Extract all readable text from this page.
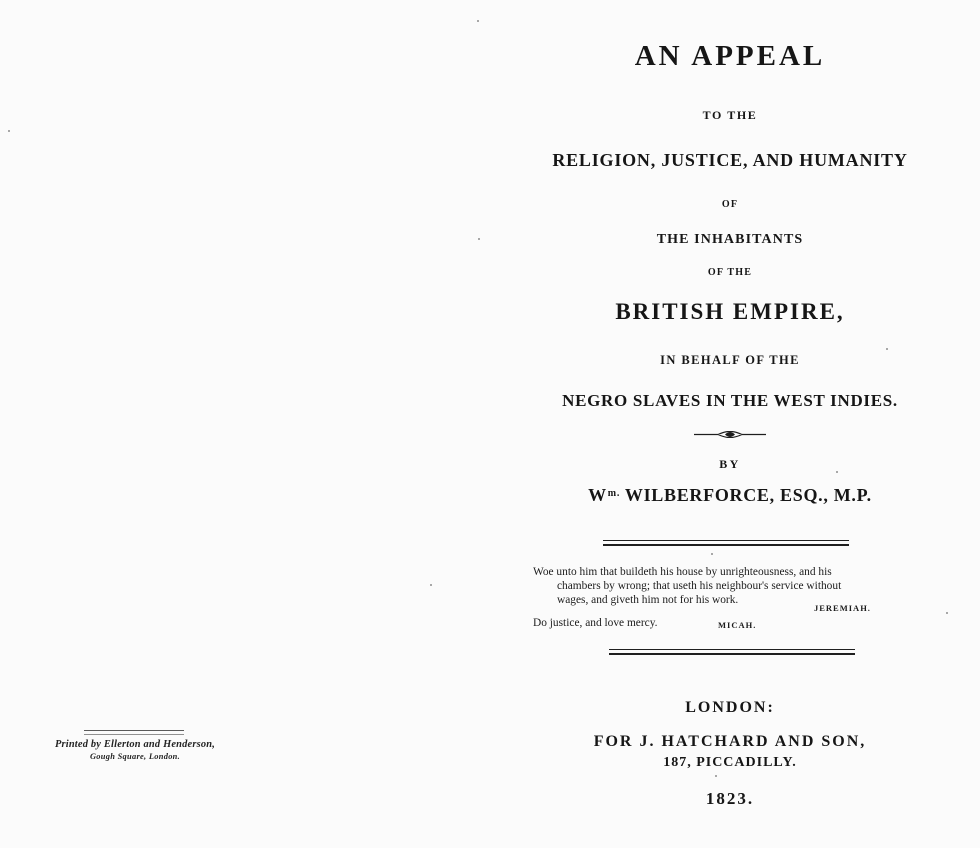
AN APPEAL
TO THE
RELIGION, JUSTICE, AND HUMANITY
OF
THE INHABITANTS
OF THE
BRITISH EMPIRE,
IN BEHALF OF THE
NEGRO SLAVES IN THE WEST INDIES.
BY
$W^{m.}$ WILBERFORCE, ESQ., M.P.
Woe unto him that buildeth his house by unrighteousness, and his
chambers by wrong; that useth his neighbour's service without
wages, and giveth him not for his work.
JEREMIAH.
Do justice, and love mercy.	MICAH.
LONDON:
FOR J. HATCHARD AND SON,
187, PICCADILLY.
1823.
Printed by Ellerton and Henderson,
Gough Square, London.
